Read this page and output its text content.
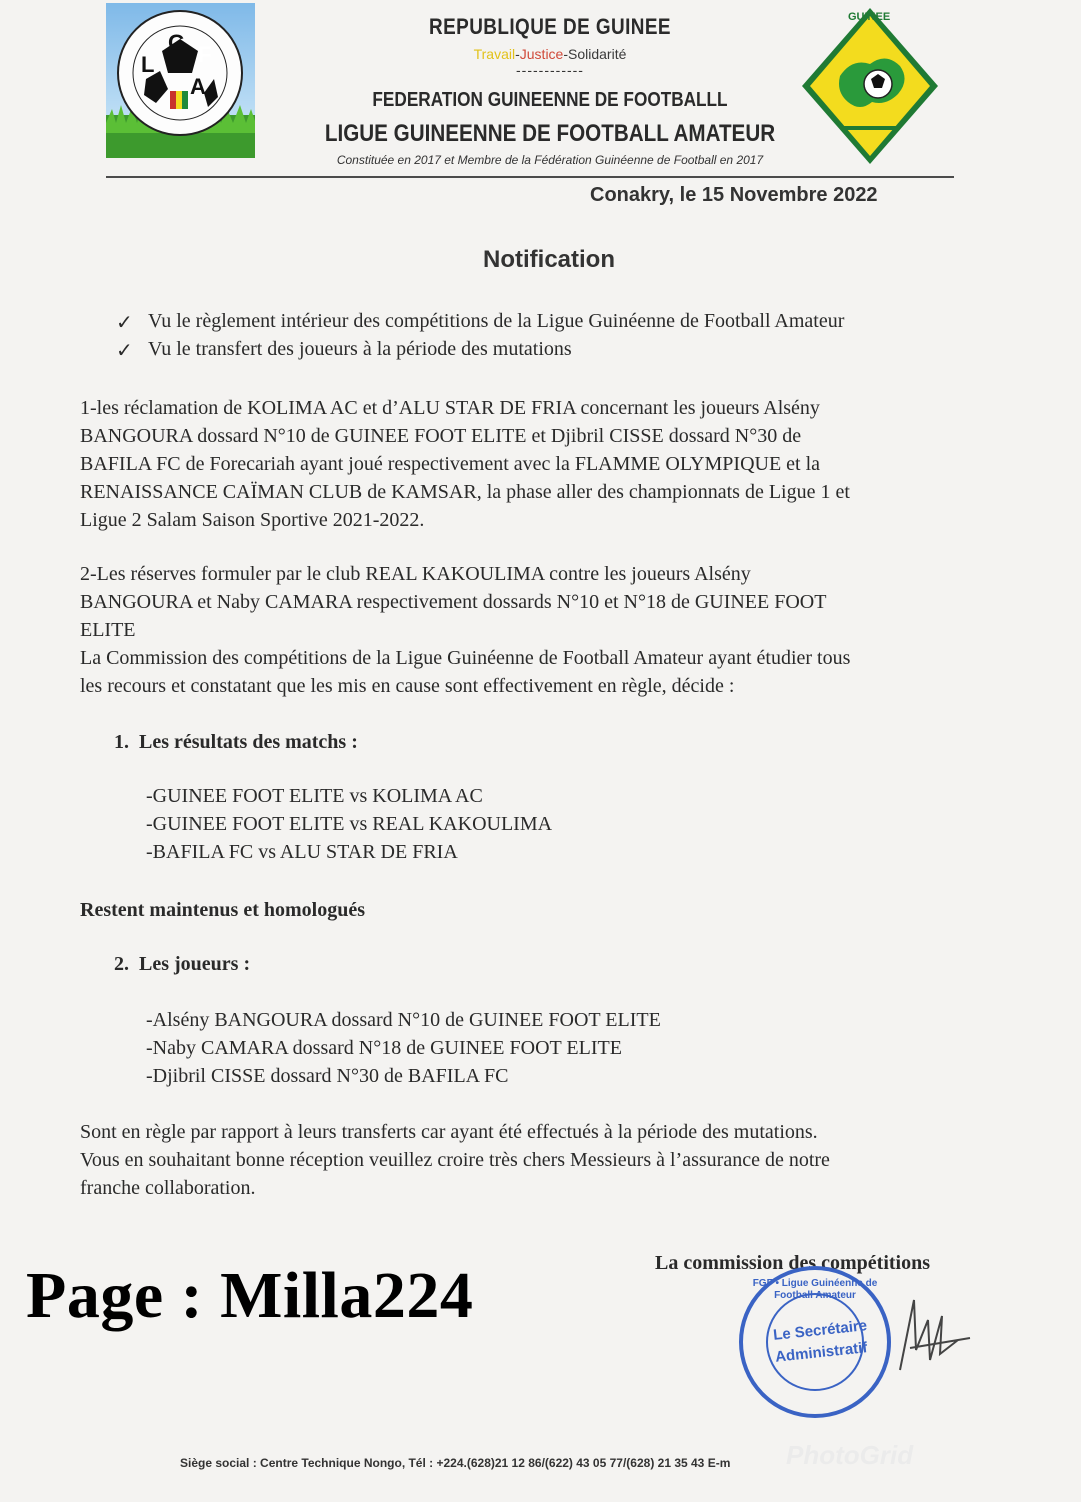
L
G F
A
GUINEE
REPUBLIQUE DE GUINEE
Travail-Justice-Solidarité
------------
FEDERATION GUINEENNE DE FOOTBALLL
LIGUE GUINEENNE DE FOOTBALL AMATEUR
Constituée en 2017 et Membre de la Fédération Guinéenne de Football en 2017
Conakry, le 15 Novembre 2022
Notification
✓ Vu le règlement intérieur des compétitions de la Ligue Guinéenne de Football Amateur
✓ Vu le transfert des joueurs à la période des mutations
1-les réclamation de KOLIMA AC et d’ALU STAR DE FRIA concernant les joueurs Alsény
BANGOURA dossard N°10 de GUINEE FOOT ELITE et Djibril CISSE dossard N°30 de
BAFILA FC de Forecariah ayant joué respectivement avec la FLAMME OLYMPIQUE et la
RENAISSANCE CAÏMAN CLUB de KAMSAR, la phase aller des championnats de Ligue 1 et
Ligue 2 Salam Saison Sportive 2021-2022.
2-Les réserves formuler par le club REAL KAKOULIMA contre les joueurs Alsény
BANGOURA et Naby CAMARA respectivement dossards N°10 et N°18 de GUINEE FOOT
ELITE
La Commission des compétitions de la Ligue Guinéenne de Football Amateur ayant étudier tous
les recours et constatant que les mis en cause sont effectivement en règle, décide :
1. Les résultats des matchs :
-GUINEE FOOT ELITE vs KOLIMA AC
-GUINEE FOOT ELITE vs REAL KAKOULIMA
-BAFILA FC vs ALU STAR DE FRIA
Restent maintenus et homologués
2. Les joueurs :
-Alsény BANGOURA dossard N°10 de GUINEE FOOT ELITE
-Naby CAMARA dossard N°18 de GUINEE FOOT ELITE
-Djibril CISSE dossard N°30 de BAFILA FC
Sont en règle par rapport à leurs transferts car ayant été effectués à la période des mutations.
Vous en souhaitant bonne réception veuillez croire très chers Messieurs à l’assurance de notre
franche collaboration.
La commission des compétitions
FGF • Ligue Guinéenne de Football Amateur
Le Secrétaire
Administratif
Page : Milla224
Siège social : Centre Technique Nongo, Tél : +224.(628)21 12 86/(622) 43 05 77/(628) 21 35 43 E-m PhotoGrid
